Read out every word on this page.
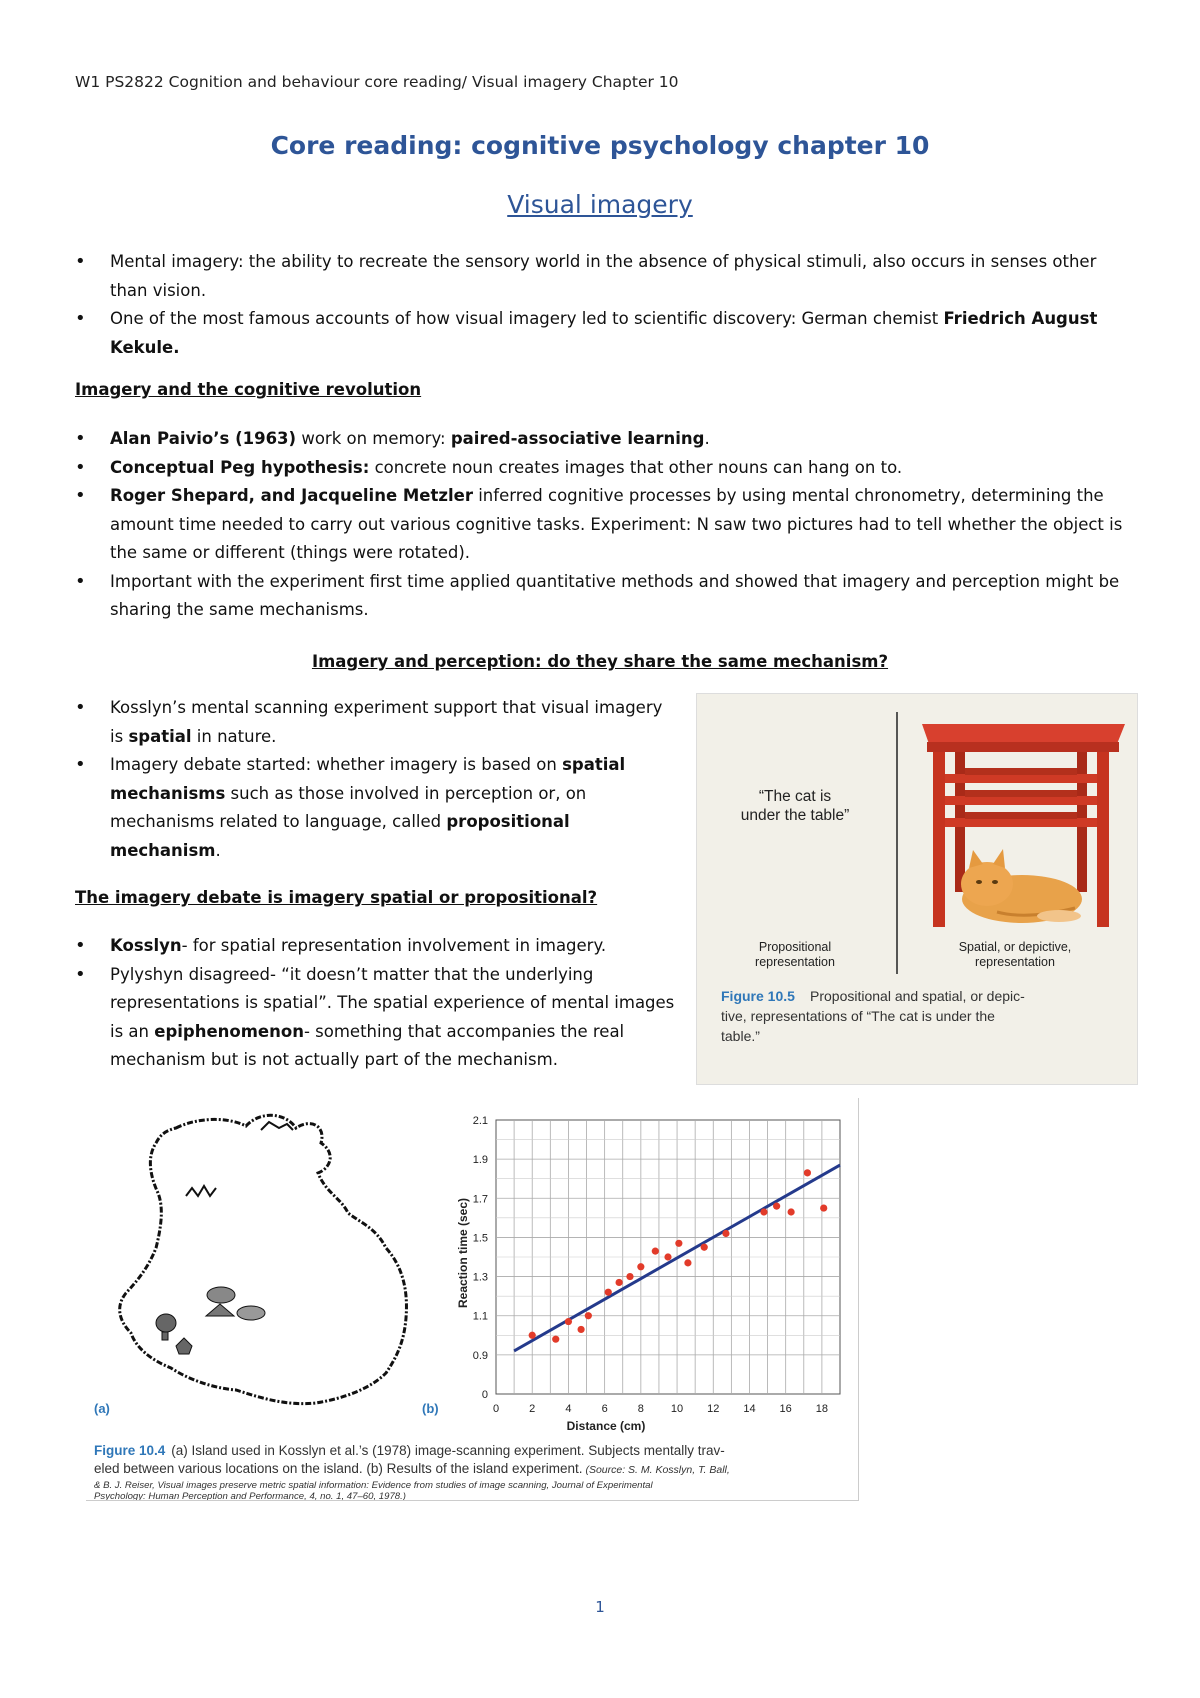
W1 PS2822 Cognition and behaviour core reading/ Visual imagery Chapter 10
Core reading: cognitive psychology chapter 10
Visual imagery
• Mental imagery: the ability to recreate the sensory world in the absence of physical stimuli, also occurs in senses other than vision.
• One of the most famous accounts of how visual imagery led to scientific discovery: German chemist Friedrich August Kekule.
Imagery and the cognitive revolution
• Alan Paivio’s (1963) work on memory: paired-associative learning.
• Conceptual Peg hypothesis: concrete noun creates images that other nouns can hang on to.
• Roger Shepard, and Jacqueline Metzler inferred cognitive processes by using mental chronometry, determining the amount time needed to carry out various cognitive tasks. Experiment: N saw two pictures had to tell whether the object is the same or different (things were rotated).
• Important with the experiment first time applied quantitative methods and showed that imagery and perception might be sharing the same mechanisms.
Imagery and perception: do they share the same mechanism?
• Kosslyn’s mental scanning experiment support that visual imagery is spatial in nature.
• Imagery debate started: whether imagery is based on spatial mechanisms such as those involved in perception or, on mechanisms related to language, called propositional mechanism.
The imagery debate is imagery spatial or propositional?
• Kosslyn- for spatial representation involvement in imagery.
• Pylyshyn disagreed- “it doesn’t matter that the underlying representations is spatial”. The spatial experience of mental images is an epiphenomenon- something that accompanies the real mechanism but is not actually part of the mechanism.
“The cat is
under the table”
Propositional
representation
Spatial, or depictive,
representation
Figure 10.5 Propositional and spatial, or depic-
tive, representations of “The cat is under the
table.”
(a)	(b)
0
0.9
1.1
1.3
1.5
1.7
1.9
2.1
0	2	4	6	8 10 12 14 16 18
Distance (cm)
Reaction time (sec)
Figure 10.4 (a) Island used in Kosslyn et al.’s (1978) image-scanning experiment. Subjects mentally trav-
eled between various locations on the island. (b) Results of the island experiment. (Source: S. M. Kosslyn, T. Ball,
& B. J. Reiser, Visual images preserve metric spatial information: Evidence from studies of image scanning, Journal of Experimental
Psychology: Human Perception and Performance, 4, no. 1, 47–60, 1978.)
1
